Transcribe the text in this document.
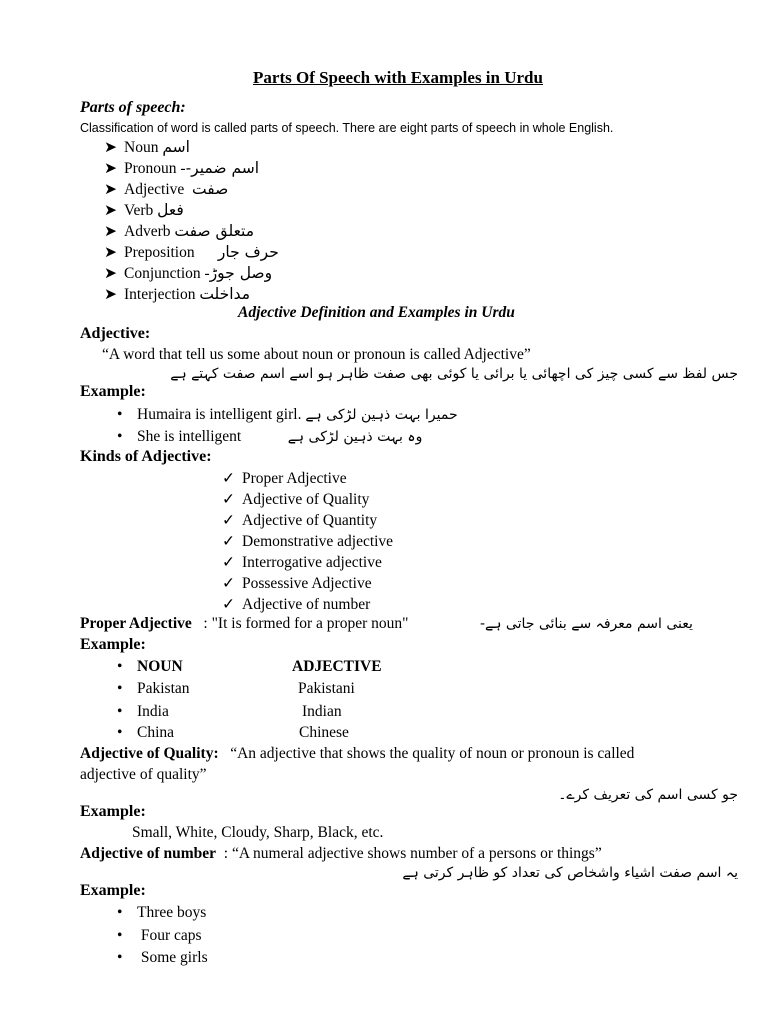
Parts Of Speech with Examples in Urdu
Parts of speech:
Classification of word is called parts of speech. There are eight parts of speech in whole English.
➤ Noun اسم
➤ Pronoun -اسم ضمیر-
➤ Adjective صفت
➤ Verb فعل
➤ Adverb متعلق صفت
➤ Preposition حرف جار
➤ Conjunction -وصل جوڑ
➤ Interjection مداخلت
Adjective Definition and Examples in Urdu
Adjective:
“A word that tell us some about noun or pronoun is called Adjective”
جس لفظ سے کسی چیز کی اچھائی یا برائی یا کوئی بھی صفت ظاہر ہو اسے اسم صفت کہتے ہے
Example:
• Humaira is intelligent girl. حمیرا بہت ذہین لڑکی ہے
• She is intelligent	وہ بہت ذہین لڑکی ہے
Kinds of Adjective:
✓ Proper Adjective
✓ Adjective of Quality
✓ Adjective of Quantity
✓ Demonstrative adjective
✓ Interrogative adjective
✓ Possessive Adjective
✓ Adjective of number
Proper Adjective : "It is formed for a proper noun"	یعنی اسم معرفہ سے بنائی جاتی ہے-
Example:
• NOUN	ADJECTIVE
• Pakistan	Pakistani
• India	Indian
• China	Chinese
Adjective of Quality: “An adjective that shows the quality of noun or pronoun is called
adjective of quality”
جو کسی اسم کی تعریف کرے۔
Example:
Small, White, Cloudy, Sharp, Black, etc.
Adjective of number : “A numeral adjective shows number of a persons or things”
یہ اسم صفت اشیاء واشخاص کی تعداد کو ظاہر کرتی ہے
Example:
• Three boys
• Four caps
• Some girls
